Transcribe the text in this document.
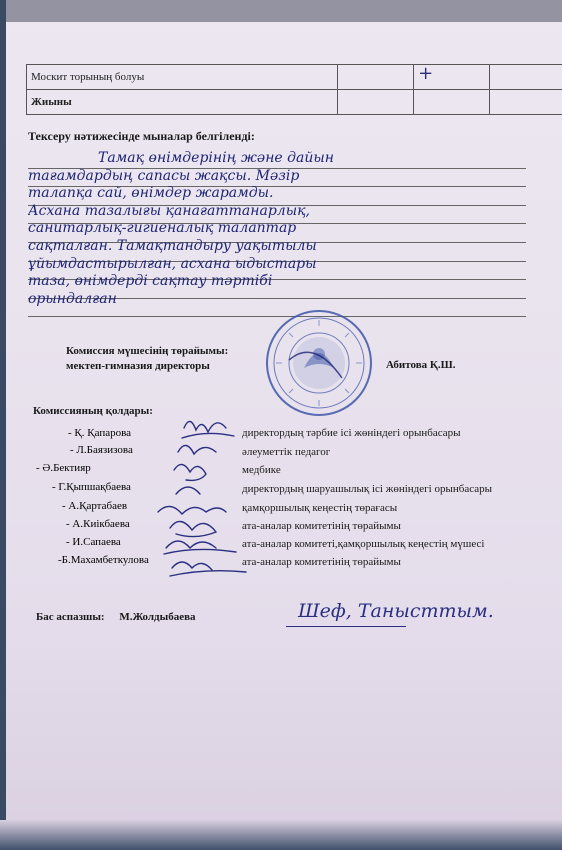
Москит торының болуы		+	
Жиыны			
Тексеру нәтижесінде мыналар белгіленді:
Тамақ өнімдерінің және дайын
тағамдардың сапасы жақсы. Мәзір
талапқа сай, өнімдер жарамды.
Асхана тазалығы қанағаттанарлық,
санитарлық-гигиеналық талаптар
сақталған. Тамақтандыру уақытылы
ұйымдастырылған, асхана ыдыстары
таза, өнімдерді сақтау тәртібі
орындалған
Комиссия мүшесінің төрайымы:
мектеп-гимназия директоры	Абитова Қ.Ш.
Комиссияның қолдары:
- Қ. Қапарова	директордың тәрбие ісі жөніндегі орынбасары
- Л.Баязизова	әлеуметтік педагог
- Ә.Бектияр	медбике
- Г.Қыпшақбаева	директордың шаруашылық ісі жөніндегі орынбасары
- А.Қартабаев	қамқоршылық кеңестің төрағасы
- А.Киікбаева	ата-аналар комитетінің төрайымы
- И.Сапаева	ата-аналар комитеті,қамқоршылық кеңестің мүшесі
-Б.Махамбеткулова	ата-аналар комитетінің төрайымы
Бас аспазшы: М.Жолдыбаева	Шеф, Танысттым.
